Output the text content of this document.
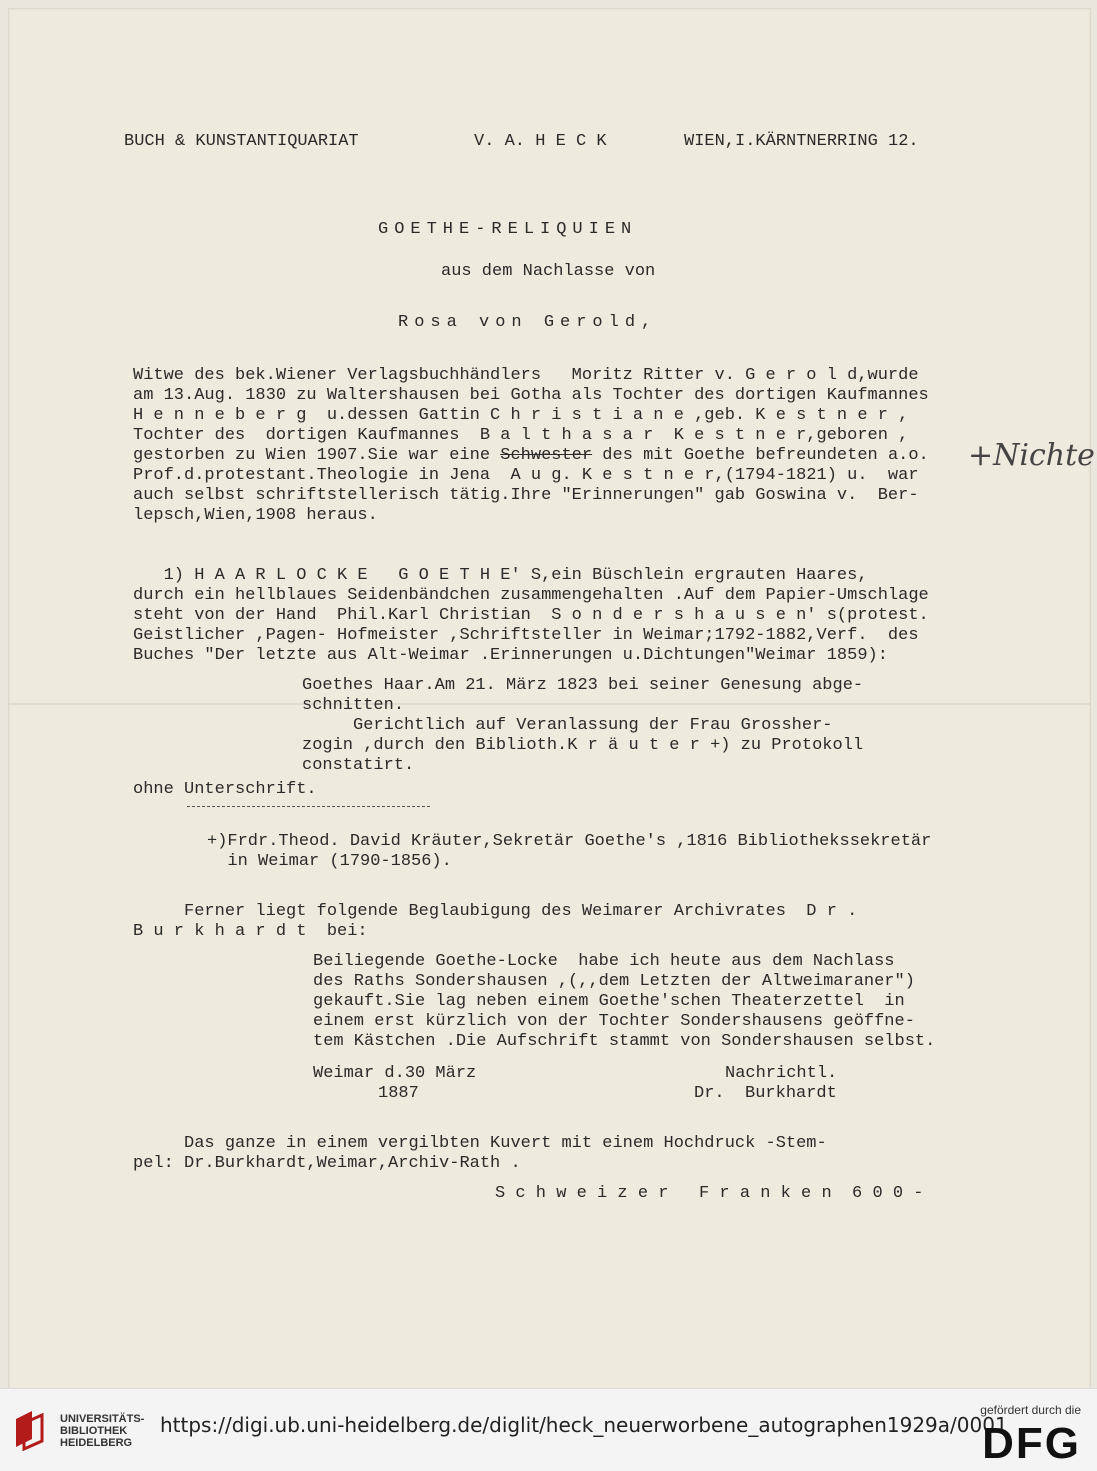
BUCH & KUNSTANTIQUARIAT	V. A. H E C K	WIEN,I.KÄRNTNERRING 12.
GOETHE-RELIQUIEN
aus dem Nachlasse von
Rosa von Gerold,
Witwe des bek.Wiener Verlagsbuchhändlers   Moritz Ritter v. G e r o l d,wurde
am 13.Aug. 1830 zu Waltershausen bei Gotha als Tochter des dortigen Kaufmannes
H e n n e b e r g  u.dessen Gattin C h r i s t i a n e ,geb. K e s t n e r ,
Tochter des  dortigen Kaufmannes  B a l t h a s a r  K e s t n e r,geboren ,
gestorben zu Wien 1907.Sie war eine Schwester des mit Goethe befreundeten a.o.
Prof.d.protestant.Theologie in Jena  A u g. K e s t n e r,(1794-1821) u.  war
auch selbst schriftstellerisch tätig.Ihre "Erinnerungen" gab Goswina v.  Ber-
lepsch,Wien,1908 heraus.
+Nichte
1) H A A R L O C K E   G O E T H E' S,ein Büschlein ergrauten Haares,
durch ein hellblaues Seidenbändchen zusammengehalten .Auf dem Papier-Umschlage
steht von der Hand  Phil.Karl Christian  S o n d e r s h a u s e n' s(protest.
Geistlicher ,Pagen- Hofmeister ,Schriftsteller in Weimar;1792-1882,Verf.  des
Buches "Der letzte aus Alt-Weimar .Erinnerungen u.Dichtungen"Weimar 1859):
Goethes Haar.Am 21. März 1823 bei seiner Genesung abge-
schnitten.
Gerichtlich auf Veranlassung der Frau Grossher-
zogin ,durch den Biblioth.K r ä u t e r +) zu Protokoll
constatirt.
ohne Unterschrift.
+)Frdr.Theod. David Kräuter,Sekretär Goethe's ,1816 Bibliothekssekretär
in Weimar (1790-1856).
Ferner liegt folgende Beglaubigung des Weimarer Archivrates  D r .
B u r k h a r d t  bei:
Beiliegende Goethe-Locke  habe ich heute aus dem Nachlass
des Raths Sondershausen ,(,,dem Letzten der Altweimaraner")
gekauft.Sie lag neben einem Goethe'schen Theaterzettel  in
einem erst kürzlich von der Tochter Sondershausens geöffne-
tem Kästchen .Die Aufschrift stammt von Sondershausen selbst.
Weimar d.30 März
1887
Nachrichtl.
Dr.  Burkhardt
Das ganze in einem vergilbten Kuvert mit einem Hochdruck -Stem-
pel: Dr.Burkhardt,Weimar,Archiv-Rath .
S c h w e i z e r   F r a n k e n  6 0 0 -
UNIVERSITÄTS-
BIBLIOTHEK
HEIDELBERG
https://digi.ub.uni-heidelberg.de/diglit/heck_neuerworbene_autographen1929a/0001
gefördert durch die
DFG
